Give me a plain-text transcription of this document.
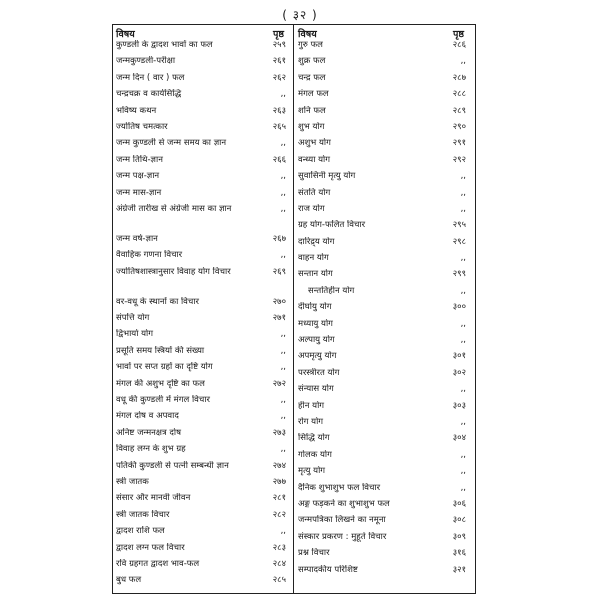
( ३२ )
विषय	पृष्ठ
कुण्डली के द्वादश भावों का फल	२५९
जन्मकुण्डली-परीक्षा	२६१
जन्म दिन ( वार ) फल	२६२
चन्द्रचक्र व कार्यसिद्धि	,,
भविष्य कथन	२६३
ज्योतिष चमत्कार	२६५
जन्म कुण्डली से जन्म समय का ज्ञान	,,
जन्म तिथि-ज्ञान	२६६
जन्म पक्ष-ज्ञान	,,
जन्म मास-ज्ञान	,,
अंग्रेजी तारीख से अंग्रेजी मास का ज्ञान	,,
जन्म वर्ष-ज्ञान	२६७
वैवाहिक गणना विचार	,,
ज्योतिषशास्त्रानुसार विवाह योग विचार	२६९
वर-वधू के स्थानों का विचार	२७०
संपत्ति योग	२७१
द्विभार्या योग	,,
प्रसूति समय स्त्रियों की संख्या	,,
भावों पर सप्त ग्रहों का दृष्टि योग	,,
मंगल की अशुभ दृष्टि का फल	२७२
वधू की कुण्डली में मंगल विचार	,,
मंगल दोष व अपवाद	,,
अनिष्ट जन्मनक्षत्र दोष	२७३
विवाह लग्न के शुभ ग्रह	,,
पतिकी कुण्डली से पत्नी सम्बन्धी ज्ञान	२७४
स्त्री जातक	२७७
संसार और मानवी जीवन	२८१
स्त्री जातक विचार	२८२
द्वादश राशि फल	,,
द्वादश लग्न फल विचार	२८३
रवि ग्रहगत द्वादश भाव-फल	२८४
बुध फल	२८५
विषय	पृष्ठ
गुरु फल	२८६
शुक्र फल	,,
चन्द्र फल	२८७
मंगल फल	२८८
शनि फल	२८९
शुभ योग	२९०
अशुभ योग	२९१
वन्ध्या योग	२९२
सुवासिनी मृत्यु योग	,,
संतति योग	,,
राज योग	,,
ग्रह योग-फलित विचार	२९५
दारिद्र्य योग	२९८
वाहन योग	,,
सन्तान योग	२९९
सन्ततिहीन योग	,,
दीर्घायु योग	३००
मध्यायु योग	,,
अल्पायु योग	,,
अपमृत्यु योग	३०१
परस्त्रीरत योग	३०२
संन्यास योग	,,
हीन योग	३०३
रोग योग	,,
सिद्धि योग	३०४
गोलक योग	,,
मृत्यु योग	,,
दैनिक शुभाशुभ फल विचार	,,
अङ्ग फड़कने का शुभाशुभ फल	३०६
जन्मपत्रिका लिखने का नमूना	३०८
संस्कार प्रकरण : मुहूर्त विचार	३०९
प्रश्न विचार	३१६
सम्पादकीय परिशिष्ट	३२१
